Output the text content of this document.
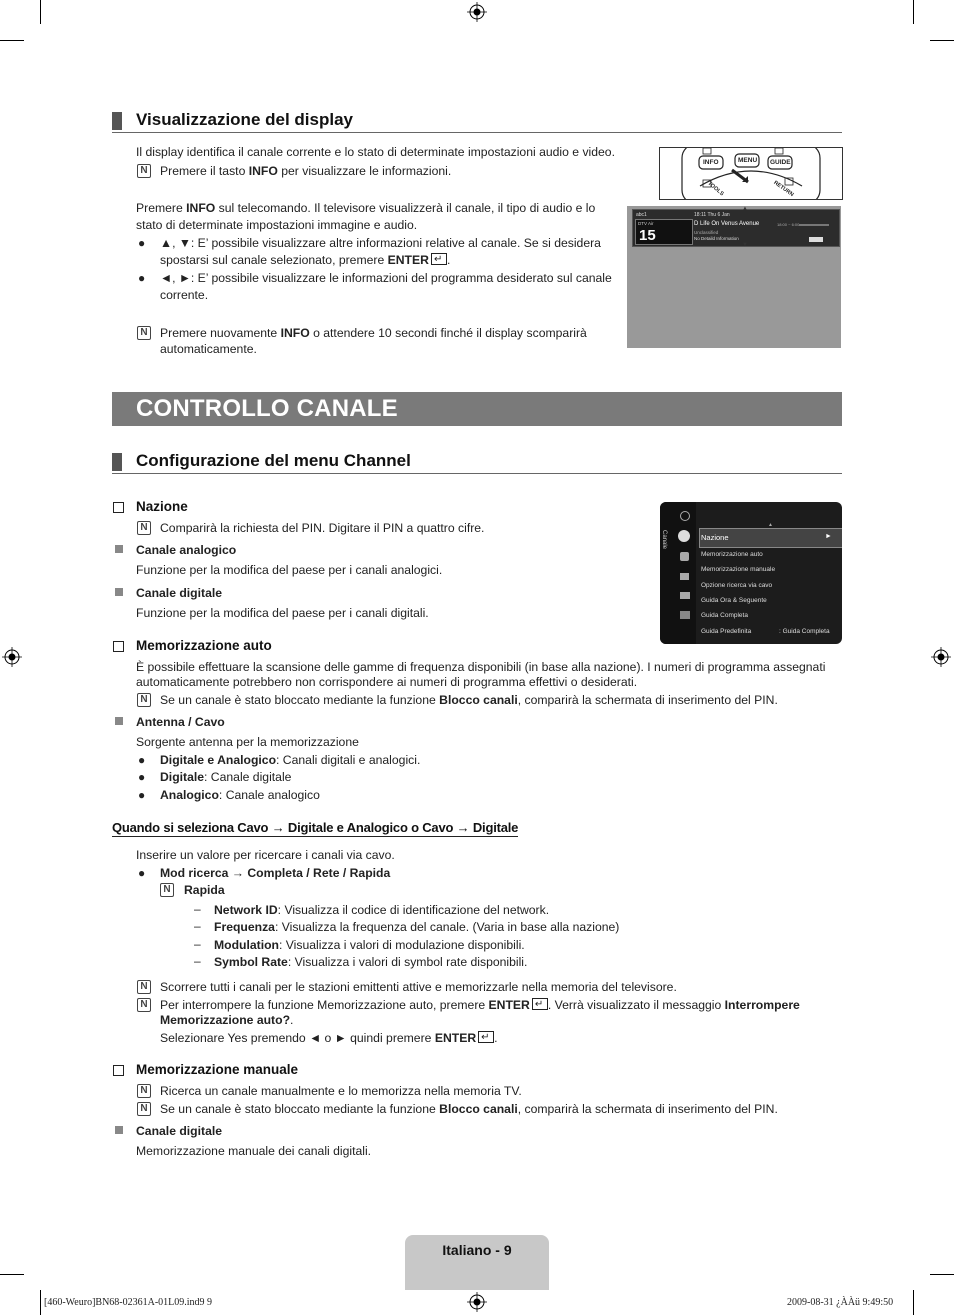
Visualizzazione del display
Il display identifica il canale corrente e lo stato di determinate impostazioni audio e video.
N Premere il tasto INFO per visualizzare le informazioni.
Premere INFO sul telecomando. Il televisore visualizzerà il canale, il tipo di audio e lo
stato di determinate impostazioni immagine e audio.
● ▲, ▼: E’ possibile visualizzare altre informazioni relative al canale. Se si desidera
spostarsi sul canale selezionato, premere ENTER ↵ .
● ◄, ►: E’ possibile visualizzare le informazioni del programma desiderato sul canale
corrente.
N Premere nuovamente INFO o attendere 10 secondi finché il display scomparirà
automaticamente.
INFO	MENU GUIDE
TOOLS	RETURN
abc1
DTV Air
15
18:11 Thu 6 Jan
D Life On Venus Avenue	18:00 ~ 6:00
Unclassified
No Detaild Information
▲
▼
CONTROLLO CANALE
Configurazione del menu Channel
Canale
▲
►
Nazione
Memorizzazione auto
Memorizzazione manuale
Opzione ricerca via cavo
Guida Ora & Seguente
Guida Completa
Guida Predefinita	: Guida Completa
Nazione
N Comparirà la richiesta del PIN. Digitare il PIN a quattro cifre.
Canale analogico
Funzione per la modifica del paese per i canali analogici.
Canale digitale
Funzione per la modifica del paese per i canali digitali.
Memorizzazione auto
È possibile effettuare la scansione delle gamme di frequenza disponibili (in base alla nazione). I numeri di programma assegnati
automaticamente potrebbero non corrispondere ai numeri di programma effettivi o desiderati.
N Se un canale è stato bloccato mediante la funzione Blocco canali, comparirà la schermata di inserimento del PIN.
Antenna / Cavo
Sorgente antenna per la memorizzazione
● Digitale e Analogico: Canali digitali e analogici.
● Digitale: Canale digitale
● Analogico: Canale analogico
Quando si seleziona Cavo → Digitale e Analogico o Cavo → Digitale
Inserire un valore per ricercare i canali via cavo.
● Mod ricerca → Completa / Rete / Rapida
N Rapida
– Network ID: Visualizza il codice di identificazione del network.
– Frequenza: Visualizza la frequenza del canale. (Varia in base alla nazione)
– Modulation: Visualizza i valori di modulazione disponibili.
– Symbol Rate: Visualizza i valori di symbol rate disponibili.
N Scorrere tutti i canali per le stazioni emittenti attive e memorizzarle nella memoria del televisore.
N Per interrompere la funzione Memorizzazione auto, premere ENTER ↵ . Verrà visualizzato il messaggio Interrompere
Memorizzazione auto?.
Selezionare Yes premendo ◄ o ► quindi premere ENTER ↵ .
Memorizzazione manuale
N Ricerca un canale manualmente e lo memorizza nella memoria TV.
N Se un canale è stato bloccato mediante la funzione Blocco canali, comparirà la schermata di inserimento del PIN.
Canale digitale
Memorizzazione manuale dei canali digitali.
Italiano - 9
[460-Weuro]BN68-02361A-01L09.ind9 9	2009-08-31 ¿ÀÀü 9:49:50
